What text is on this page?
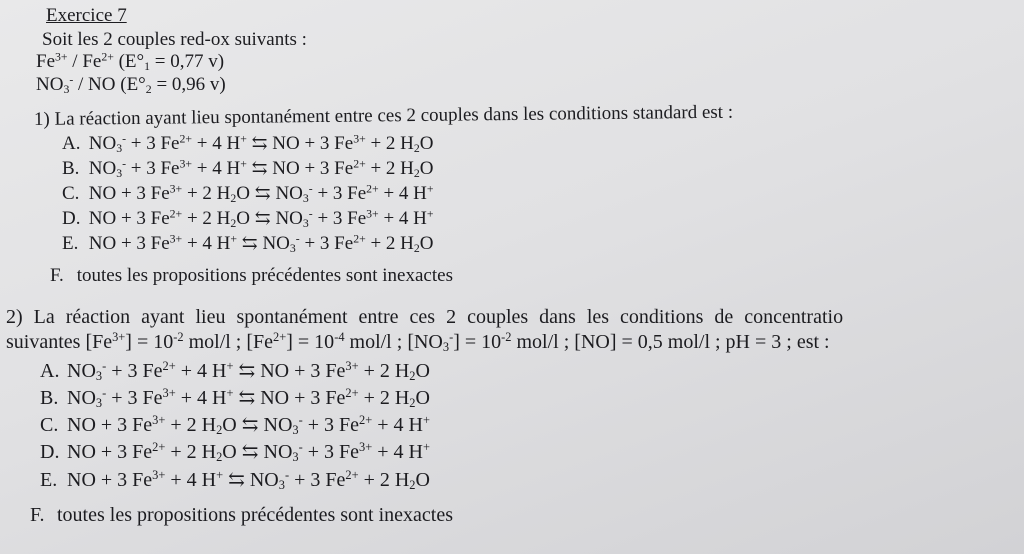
Exercice 7
Soit les 2 couples red-ox suivants :
$Fe^{3+} / Fe^{2+}$ ($E^\circ_1 = 0,77$ v)
$NO_3^-$ / NO ($E^\circ_2 = 0,96$ v)
1) La réaction ayant lieu spontanément entre ces 2 couples dans les conditions standard est :
A. $NO_3^- + 3$ $Fe^{2+} + 4$ H+ ⇆ NO + 3 $Fe^{3+} + 2$ $H_2O$
B. $NO_3^- + 3$ $Fe^{3+} + 4$ H+ ⇆ NO + 3 $Fe^{2+} + 2$ $H_2O$
C. NO + 3 $Fe^{3+} + 2$ $H_2O$ ⇆ $NO_3^- + 3$ $Fe^{2+} + 4$ H+
D. NO + 3 $Fe^{2+} + 2$ $H_2O$ ⇆ $NO_3^- + 3$ $Fe^{3+} + 4$ H+
E. NO + 3 $Fe^{3+} + 4$ H+ ⇆ $NO_3^- + 3$ $Fe^{2+} + 2$ $H_2O$
F. toutes les propositions précédentes sont inexactes
2) La réaction ayant lieu spontanément entre ces 2 couples dans les conditions de concentratio
suivantes $[Fe^{3+}] = 10^{-2}$ mol/l ; $[Fe^{2+}] = 10^{-4}$ mol/l ; $[NO_3^-] = 10^{-2}$ mol/l ; [NO] = 0,5 mol/l ; pH = 3 ; est :
A. $NO_3^- + 3$ $Fe^{2+} + 4$ H+ ⇆ NO + 3 $Fe^{3+} + 2$ $H_2O$
B. $NO_3^- + 3$ $Fe^{3+} + 4$ H+ ⇆ NO + 3 $Fe^{2+} + 2$ $H_2O$
C. NO + 3 $Fe^{3+} + 2$ $H_2O$ ⇆ $NO_3^- + 3$ $Fe^{2+} + 4$ H+
D. NO + 3 $Fe^{2+} + 2$ $H_2O$ ⇆ $NO_3^- + 3$ $Fe^{3+} + 4$ H+
E. NO + 3 $Fe^{3+} + 4$ H+ ⇆ $NO_3^- + 3$ $Fe^{2+} + 2$ $H_2O$
F. toutes les propositions précédentes sont inexactes
